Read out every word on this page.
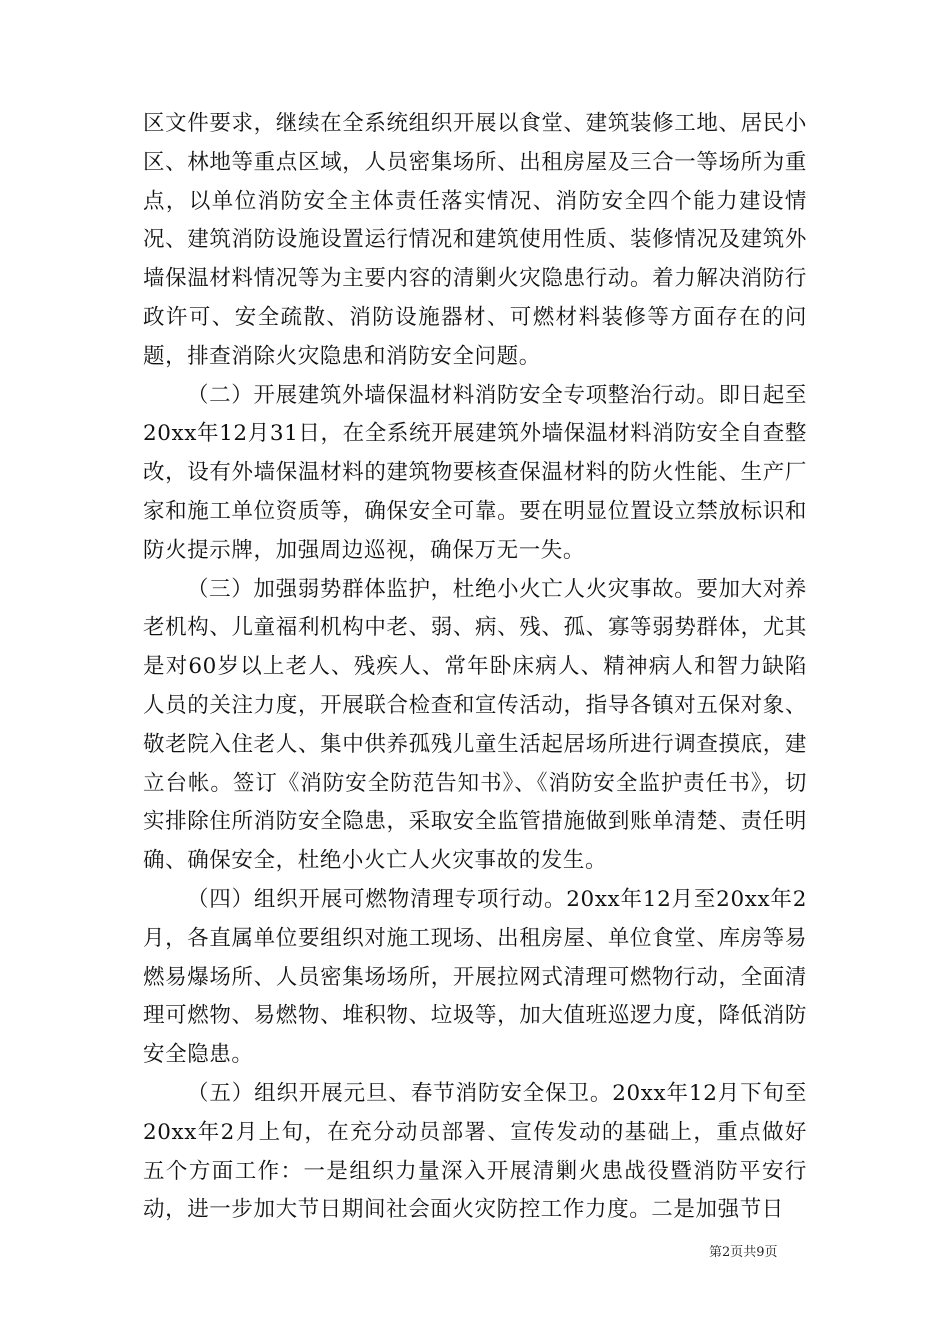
区文件要求，继续在全系统组织开展以食堂、建筑装修工地、居民小区、林地等重点区域，人员密集场所、出租房屋及三合一等场所为重点，以单位消防安全主体责任落实情况、消防安全四个能力建设情况、建筑消防设施设置运行情况和建筑使用性质、装修情况及建筑外墙保温材料情况等为主要内容的清剿火灾隐患行动。着力解决消防行政许可、安全疏散、消防设施器材、可燃材料装修等方面存在的问题，排查消除火灾隐患和消防安全问题。

（二）开展建筑外墙保温材料消防安全专项整治行动。即日起至20xx年12月31日，在全系统开展建筑外墙保温材料消防安全自查整改，设有外墙保温材料的建筑物要核查保温材料的防火性能、生产厂家和施工单位资质等，确保安全可靠。要在明显位置设立禁放标识和防火提示牌，加强周边巡视，确保万无一失。

（三）加强弱势群体监护，杜绝小火亡人火灾事故。要加大对养老机构、儿童福利机构中老、弱、病、残、孤、寡等弱势群体，尤其是对60岁以上老人、残疾人、常年卧床病人、精神病人和智力缺陷人员的关注力度，开展联合检查和宣传活动，指导各镇对五保对象、敬老院入住老人、集中供养孤残儿童生活起居场所进行调查摸底，建立台帐。签订《消防安全防范告知书》、《消防安全监护责任书》，切实排除住所消防安全隐患，采取安全监管措施做到账单清楚、责任明确、确保安全，杜绝小火亡人火灾事故的发生。

（四）组织开展可燃物清理专项行动。20xx年12月至20xx年2月，各直属单位要组织对施工现场、出租房屋、单位食堂、库房等易燃易爆场所、人员密集场场所，开展拉网式清理可燃物行动，全面清理可燃物、易燃物、堆积物、垃圾等，加大值班巡逻力度，降低消防安全隐患。

（五）组织开展元旦、春节消防安全保卫。20xx年12月下旬至20xx年2月上旬，在充分动员部署、宣传发动的基础上，重点做好五个方面工作：一是组织力量深入开展清剿火患战役暨消防平安行动，进一步加大节日期间社会面火灾防控工作力度。二是加强节日

第2页共9页
